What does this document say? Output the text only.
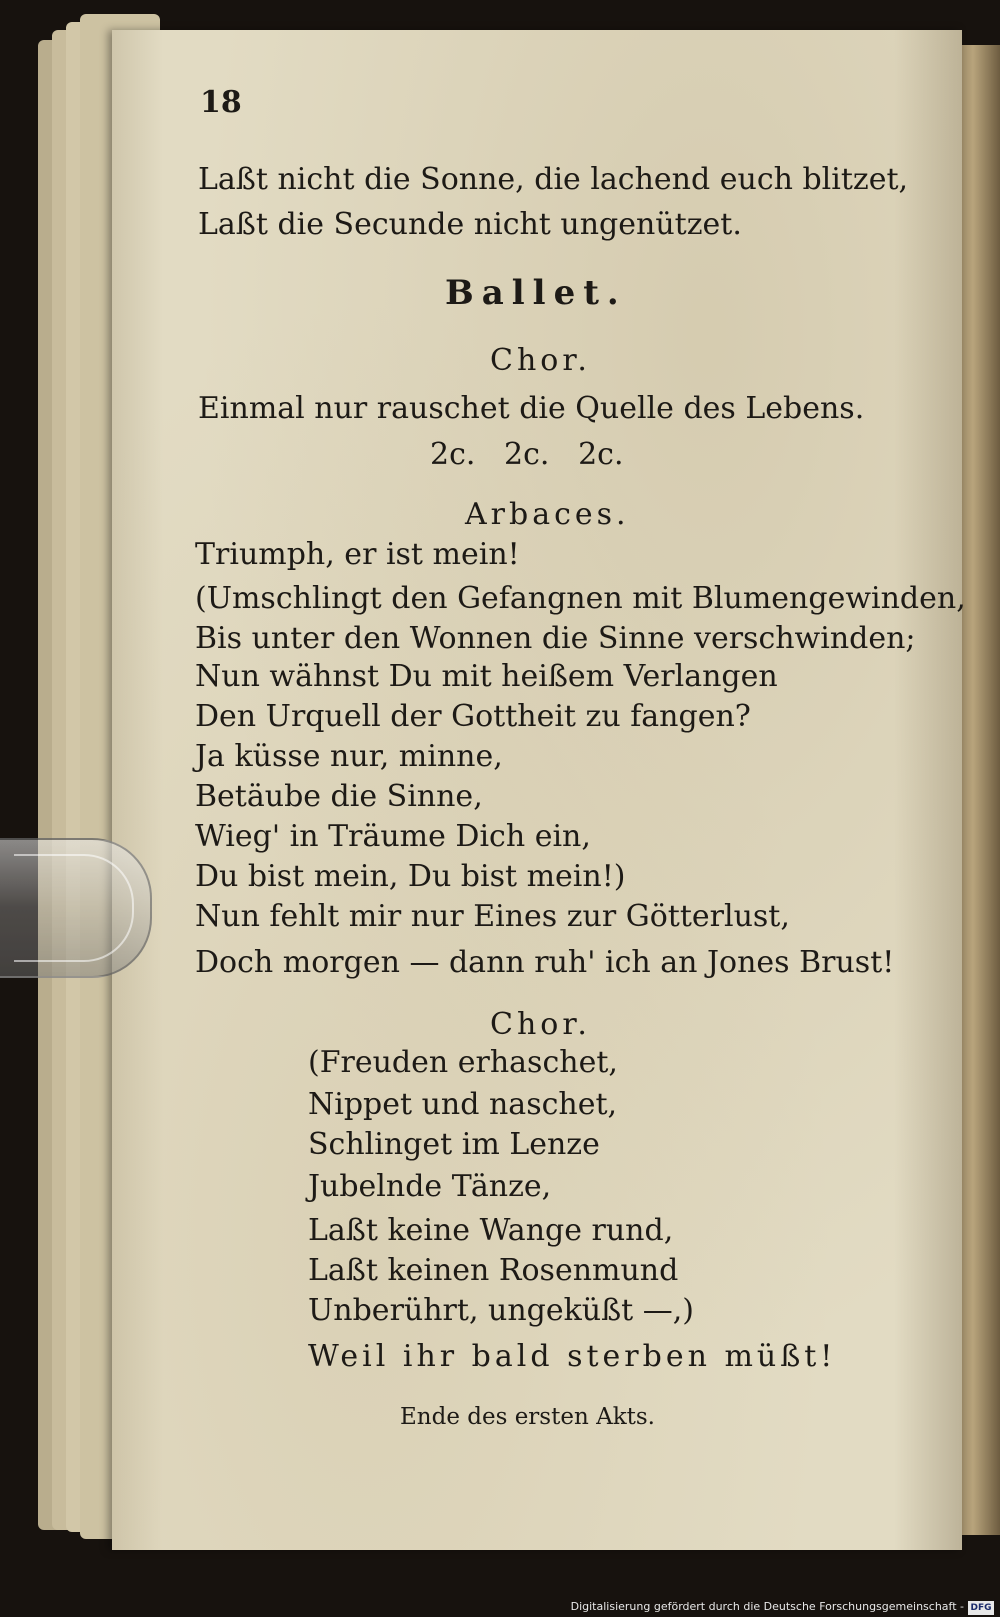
18
Laßt nicht die Sonne, die lachend euch blitzet,
Laßt die Secunde nicht ungenützet.
Ballet.
Chor.
Einmal nur rauschet die Quelle des Lebens.
2c.   2c.   2c.
Arbaces.
Triumph, er ist mein!
(Umschlingt den Gefangnen mit Blumengewinden,
Bis unter den Wonnen die Sinne verschwinden;
Nun wähnst Du mit heißem Verlangen
Den Urquell der Gottheit zu fangen?
Ja küsse nur, minne,
Betäube die Sinne,
Wieg' in Träume Dich ein,
Du bist mein, Du bist mein!)
Nun fehlt mir nur Eines zur Götterlust,
Doch morgen — dann ruh' ich an Jones Brust!
Chor.
(Freuden erhaschet,
Nippet und naschet,
Schlinget im Lenze
Jubelnde Tänze,
Laßt keine Wange rund,
Laßt keinen Rosenmund
Unberührt, ungeküßt —,)
Weil ihr bald sterben müßt!
Ende des ersten Akts.
Digitalisierung gefördert durch die Deutsche Forschungsgemeinschaft - DFG
